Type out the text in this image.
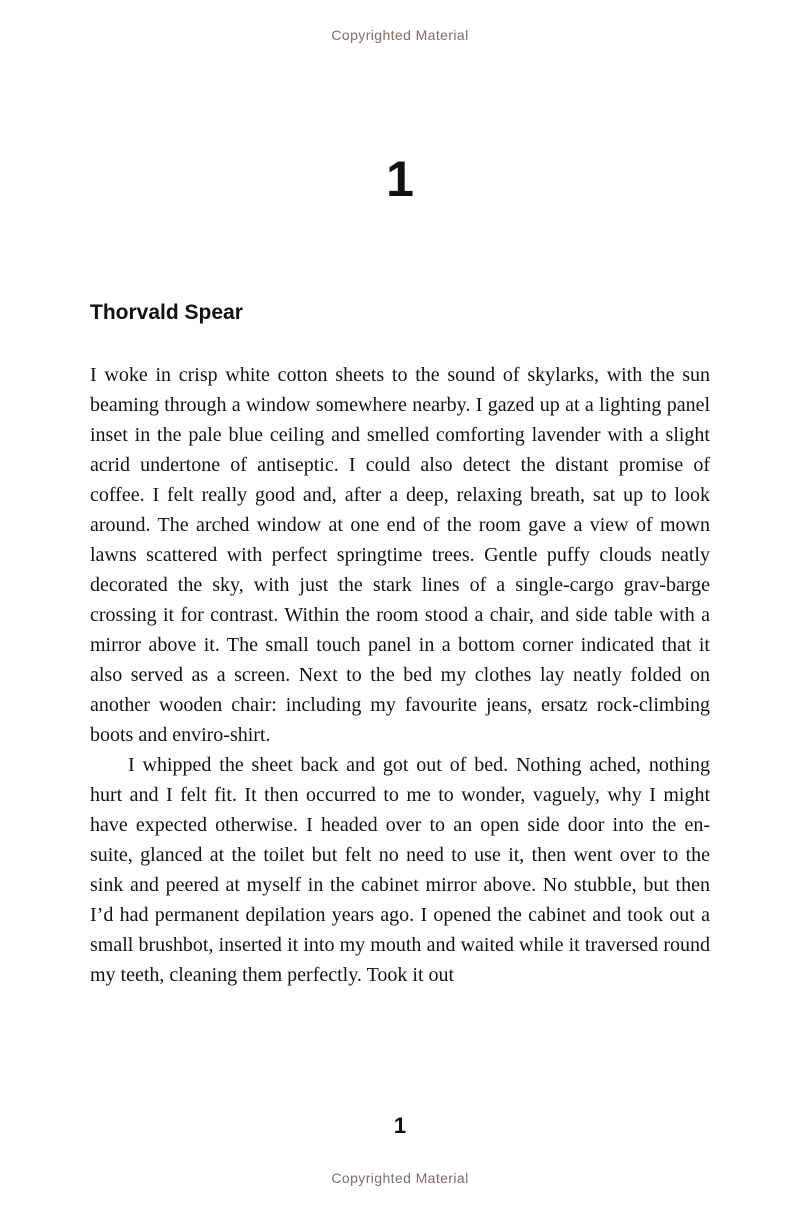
Copyrighted Material
1
Thorvald Spear

I woke in crisp white cotton sheets to the sound of skylarks, with the sun beaming through a window somewhere nearby. I gazed up at a lighting panel inset in the pale blue ceiling and smelled comforting lavender with a slight acrid undertone of antiseptic. I could also detect the distant promise of coffee. I felt really good and, after a deep, relaxing breath, sat up to look around. The arched window at one end of the room gave a view of mown lawns scattered with perfect springtime trees. Gentle puffy clouds neatly decorated the sky, with just the stark lines of a single-cargo grav-barge crossing it for contrast. Within the room stood a chair, and side table with a mirror above it. The small touch panel in a bottom corner indicated that it also served as a screen. Next to the bed my clothes lay neatly folded on another wooden chair: including my favourite jeans, ersatz rock-climbing boots and enviro-shirt.

I whipped the sheet back and got out of bed. Nothing ached, nothing hurt and I felt fit. It then occurred to me to wonder, vaguely, why I might have expected otherwise. I headed over to an open side door into the en-suite, glanced at the toilet but felt no need to use it, then went over to the sink and peered at myself in the cabinet mirror above. No stubble, but then I’d had permanent depilation years ago. I opened the cabinet and took out a small brushbot, inserted it into my mouth and waited while it traversed round my teeth, cleaning them perfectly. Took it out

1
Copyrighted Material
